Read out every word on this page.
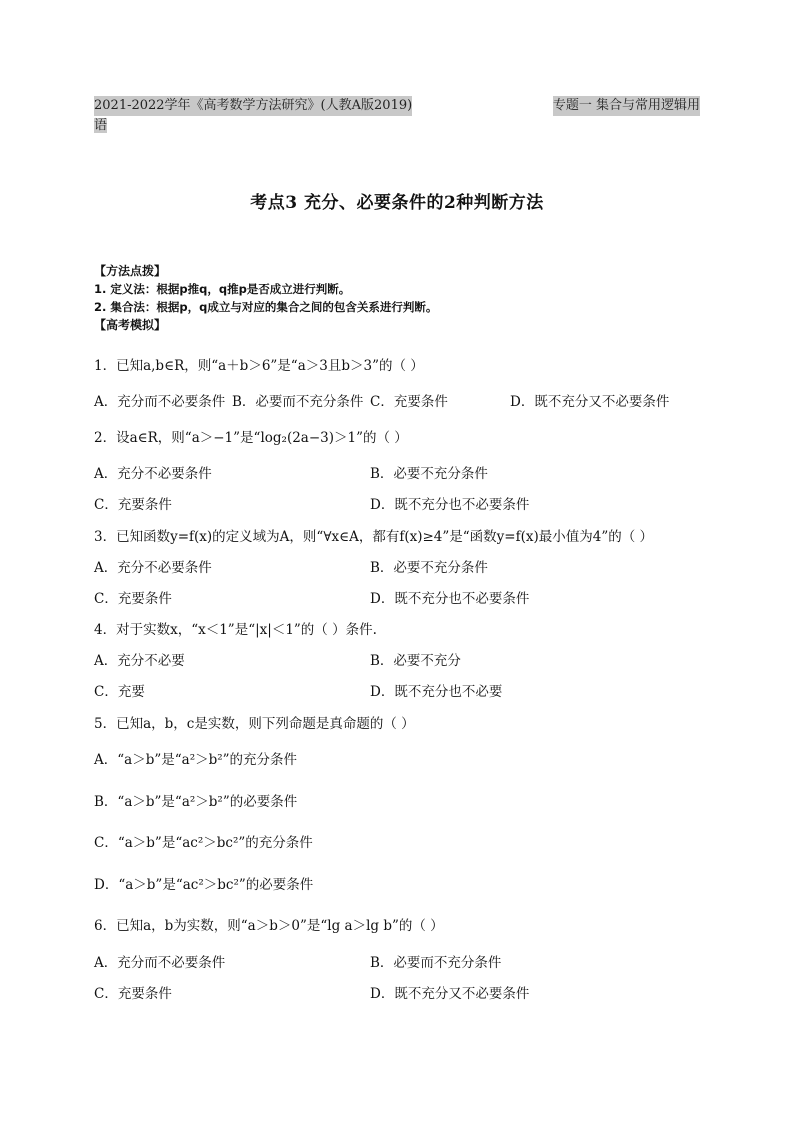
2021-2022学年《高考数学方法研究》(人教A版2019)	专题一 集合与常用逻辑用
语
考点3 充分、必要条件的2种判断方法
【方法点拨】
1. 定义法：根据p推q，q推p是否成立进行判断。
2. 集合法：根据p，q成立与对应的集合之间的包含关系进行判断。
【高考模拟】
1．已知a,b∈R，则“a＋b＞6”是“a＞3且b＞3”的（ ）
A．充分而不必要条件 B．必要而不充分条件 C．充要条件	D．既不充分又不必要条件
2．设a∈R，则“a＞−1”是“log₂(2a−3)＞1”的（ ）
A．充分不必要条件	B．必要不充分条件
C．充要条件	D．既不充分也不必要条件
3．已知函数y=f(x)的定义域为A，则“∀x∈A，都有f(x)≥4”是“函数y=f(x)最小值为4”的（ ）
A．充分不必要条件	B．必要不充分条件
C．充要条件	D．既不充分也不必要条件
4．对于实数x，“x＜1”是“|x|＜1”的（ ）条件.
A．充分不必要	B．必要不充分
C．充要	D．既不充分也不必要
5．已知a，b，c是实数，则下列命题是真命题的（ ）
A．“a＞b”是“a²＞b²”的充分条件
B．“a＞b”是“a²＞b²”的必要条件
C．“a＞b”是“ac²＞bc²”的充分条件
D．“a＞b”是“ac²＞bc²”的必要条件
6．已知a，b为实数，则“a＞b＞0”是“lg a＞lg b”的（ ）
A．充分而不必要条件	B．必要而不充分条件
C．充要条件	D．既不充分又不必要条件
